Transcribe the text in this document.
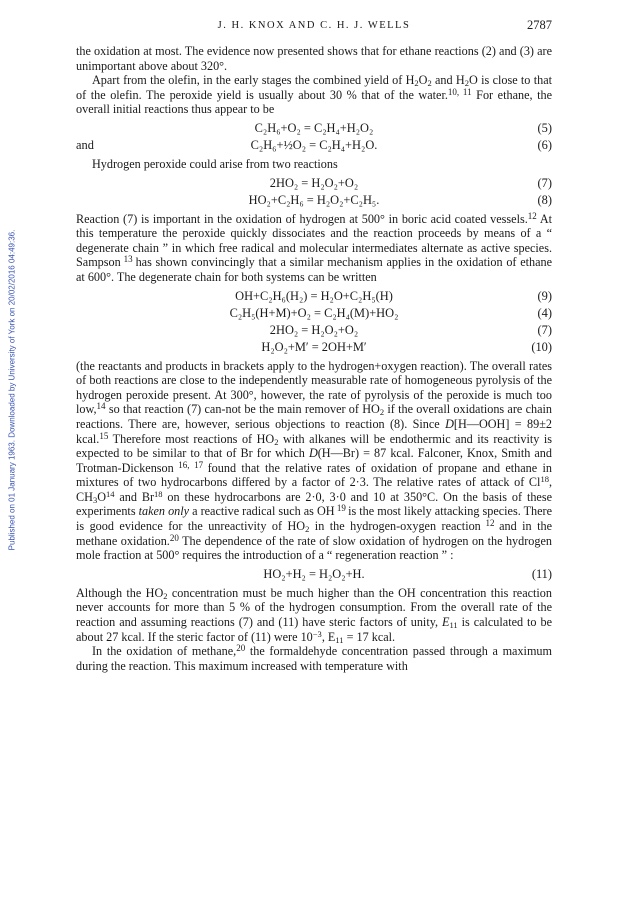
Published on 01 January 1963. Downloaded by University of York on 20/02/2016 04:49:36.
J. H. KNOX AND C. H. J. WELLS	2787

the oxidation at most. The evidence now presented shows that for ethane reactions (2) and (3) are unimportant above about 320°.

Apart from the olefin, in the early stages the combined yield of $H_2O_2$ and $H_2O$ is close to that of the olefin. The peroxide yield is usually about 30 % that of the water.$^{10, 11}$ For ethane, the overall initial reactions thus appear to be

C₂H₆+O₂ = C₂H₄+H₂O₂	(5)
and	C₂H₆+½O₂ = C₂H₄+H₂O.	(6)

Hydrogen peroxide could arise from two reactions

2HO₂ = H₂O₂+O₂	(7)
HO₂+C₂H₆ = H₂O₂+C₂H₅.	(8)

Reaction (7) is important in the oxidation of hydrogen at 500° in boric acid coated vessels.$^{12}$ At this temperature the peroxide quickly dissociates and the reaction proceeds by means of a “ degenerate chain ” in which free radical and molecular intermediates alternate as active species. Sampson $^{13}$ has shown convincingly that a similar mechanism applies in the oxidation of ethane at 600°. The degenerate chain for both systems can be written

OH+C₂H₆(H₂) = H₂O+C₂H₅(H)	(9)
C₂H₅(H+M)+O₂ = C₂H₄(M)+HO₂	(4)
2HO₂ = H₂O₂+O₂	(7)
H₂O₂+M′ = 2OH+M′	(10)

(the reactants and products in brackets apply to the hydrogen+oxygen reaction). The overall rates of both reactions are close to the independently measurable rate of homogeneous pyrolysis of the hydrogen peroxide present. At 300°, however, the rate of pyrolysis of the peroxide is much too low,$^{14}$ so that reaction (7) can-not be the main remover of $HO_2$ if the overall oxidations are chain reactions. There are, however, serious objections to reaction (8). Since D[H—OOH] = 89±2 kcal.$^{15}$ Therefore most reactions of $HO_2$ with alkanes will be endothermic and its reactivity is expected to be similar to that of Br for which D(H—Br) = 87 kcal. Falconer, Knox, Smith and Trotman-Dickenson $^{16, 17}$ found that the relative rates of oxidation of propane and ethane in mixtures of two hydrocarbons differed by a factor of 2·3. The relative rates of attack of Cl$^{18}$, $CH_3O^{14}$ and Br$^{18}$ on these hydrocarbons are 2·0, 3·0 and 10 at 350°C. On the basis of these experiments taken only a reactive radical such as OH $^{19}$ is the most likely attacking species. There is good evidence for the unreactivity of $HO_2$ in the hydrogen-oxygen reaction $^{12}$ and in the methane oxidation.$^{20}$ The dependence of the rate of slow oxidation of hydrogen on the hydrogen mole fraction at 500° requires the introduction of a “ regeneration reaction ” :

HO₂+H₂ = H₂O₂+H.	(11)

Although the $HO_2$ concentration must be much higher than the OH concentration this reaction never accounts for more than 5 % of the hydrogen consumption. From the overall rate of the reaction and assuming reactions (7) and (11) have steric factors of unity, $E_{11}$ is calculated to be about 27 kcal. If the steric factor of (11) were $10^{-3}$, $E_{11} = 17$ kcal.

In the oxidation of methane,$^{20}$ the formaldehyde concentration passed through a maximum during the reaction. This maximum increased with temperature with
